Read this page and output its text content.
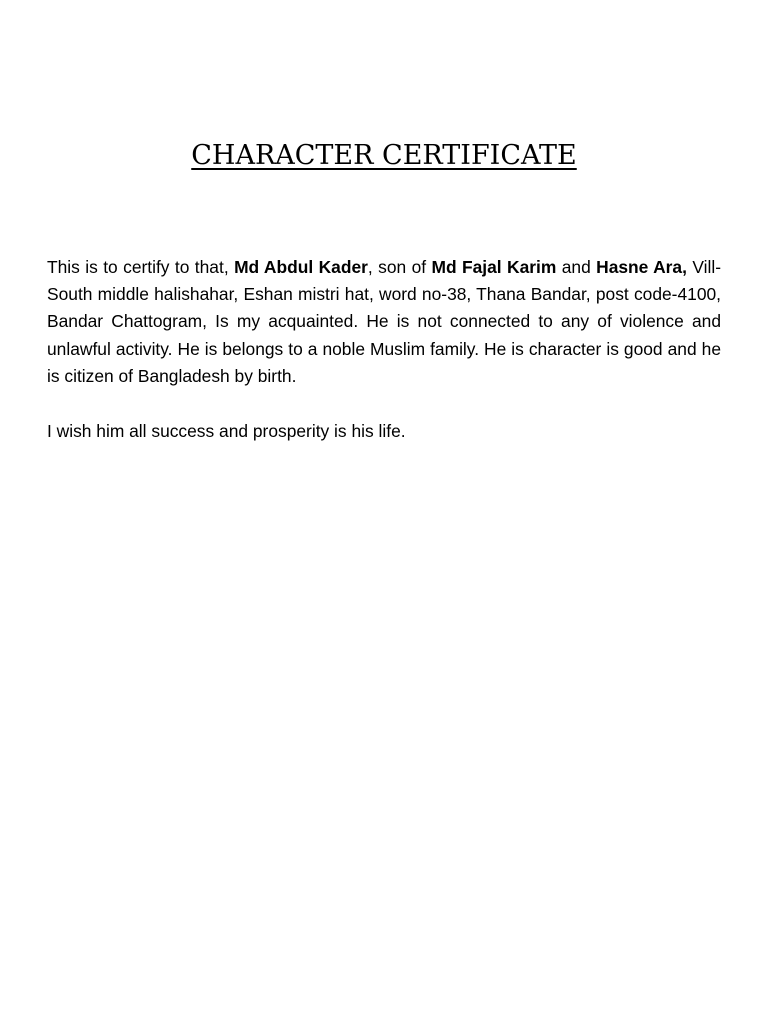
CHARACTER CERTIFICATE

This is to certify to that, Md Abdul Kader, son of Md Fajal Karim and Hasne Ara, Vill- South middle halishahar, Eshan mistri hat, word no-38, Thana Bandar, post code-4100, Bandar Chattogram, Is my acquainted. He is not connected to any of violence and unlawful activity. He is belongs to a noble Muslim family. He is character is good and he is citizen of Bangladesh by birth.

I wish him all success and prosperity is his life.
